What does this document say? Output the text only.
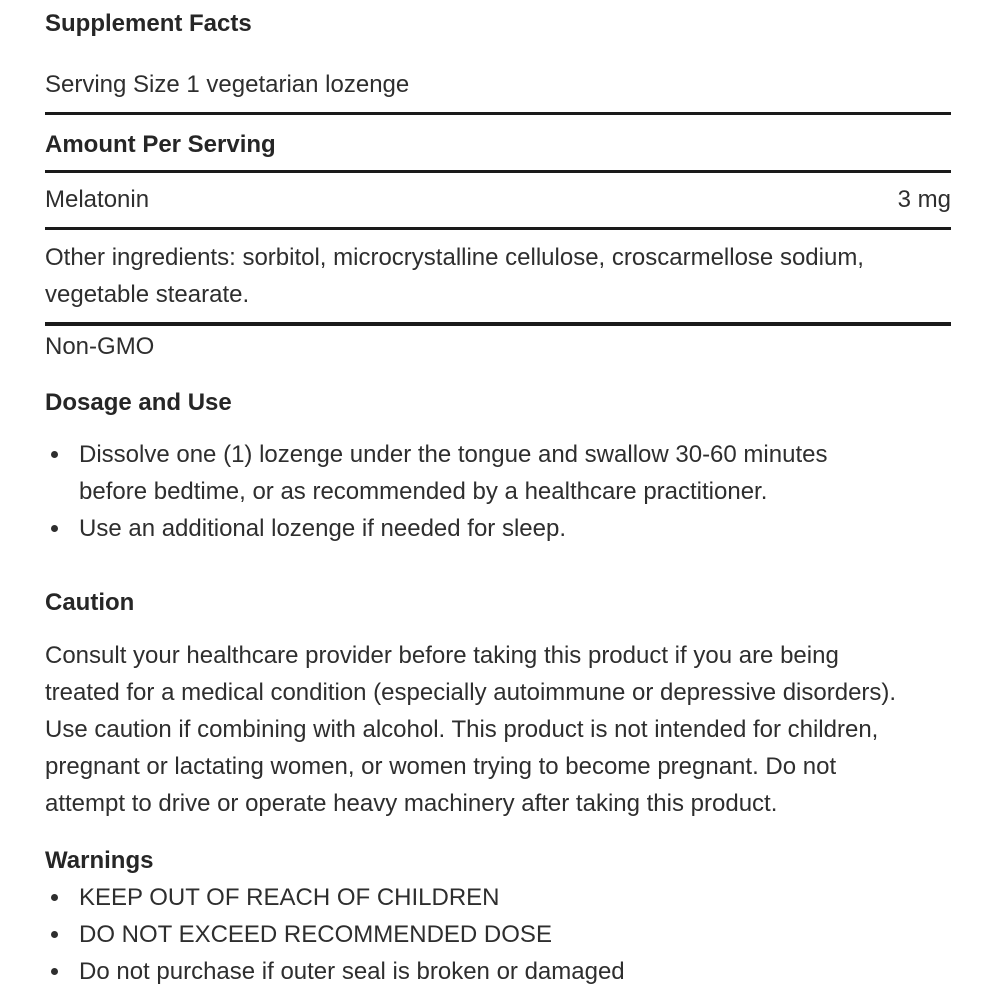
Supplement Facts
Serving Size 1 vegetarian lozenge
Amount Per Serving
Melatonin	3 mg
Other ingredients: sorbitol, microcrystalline cellulose, croscarmellose sodium,
vegetable stearate.
Non-GMO
Dosage and Use
Dissolve one (1) lozenge under the tongue and swallow 30-60 minutes
before bedtime, or as recommended by a healthcare practitioner.
Use an additional lozenge if needed for sleep.
Caution
Consult your healthcare provider before taking this product if you are being
treated for a medical condition (especially autoimmune or depressive disorders).
Use caution if combining with alcohol. This product is not intended for children,
pregnant or lactating women, or women trying to become pregnant. Do not
attempt to drive or operate heavy machinery after taking this product.
Warnings
KEEP OUT OF REACH OF CHILDREN
DO NOT EXCEED RECOMMENDED DOSE
Do not purchase if outer seal is broken or damaged
